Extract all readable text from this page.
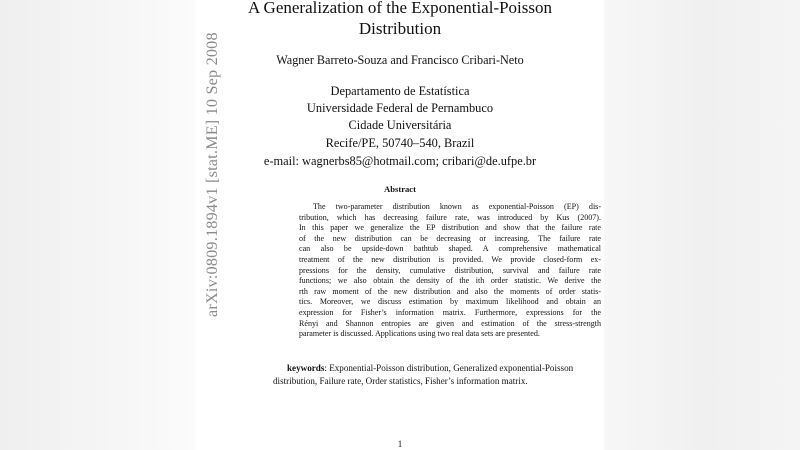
A Generalization of the Exponential-Poisson
Distribution
Wagner Barreto-Souza and Francisco Cribari-Neto
Departamento de Estatística
Universidade Federal de Pernambuco
Cidade Universitária
Recife/PE, 50740–540, Brazil
e-mail: wagnerbs85@hotmail.com; cribari@de.ufpe.br
Abstract
The two-parameter distribution known as exponential-Poisson (EP) dis-
tribution, which has decreasing failure rate, was introduced by Kus (2007).
In this paper we generalize the EP distribution and show that the failure rate
of the new distribution can be decreasing or increasing. The failure rate
can also be upside-down bathtub shaped. A comprehensive mathematical
treatment of the new distribution is provided. We provide closed-form ex-
pressions for the density, cumulative distribution, survival and failure rate
functions; we also obtain the density of the ith order statistic. We derive the
rth raw moment of the new distribution and also the moments of order statis-
tics. Moreover, we discuss estimation by maximum likelihood and obtain an
expression for Fisher’s information matrix. Furthermore, expressions for the
Rényi and Shannon entropies are given and estimation of the stress-strength
parameter is discussed. Applications using two real data sets are presented.
keywords: Exponential-Poisson distribution, Generalized exponential-Poisson
distribution, Failure rate, Order statistics, Fisher’s information matrix.
1
arXiv:0809.1894v1 [stat.ME] 10 Sep 2008
